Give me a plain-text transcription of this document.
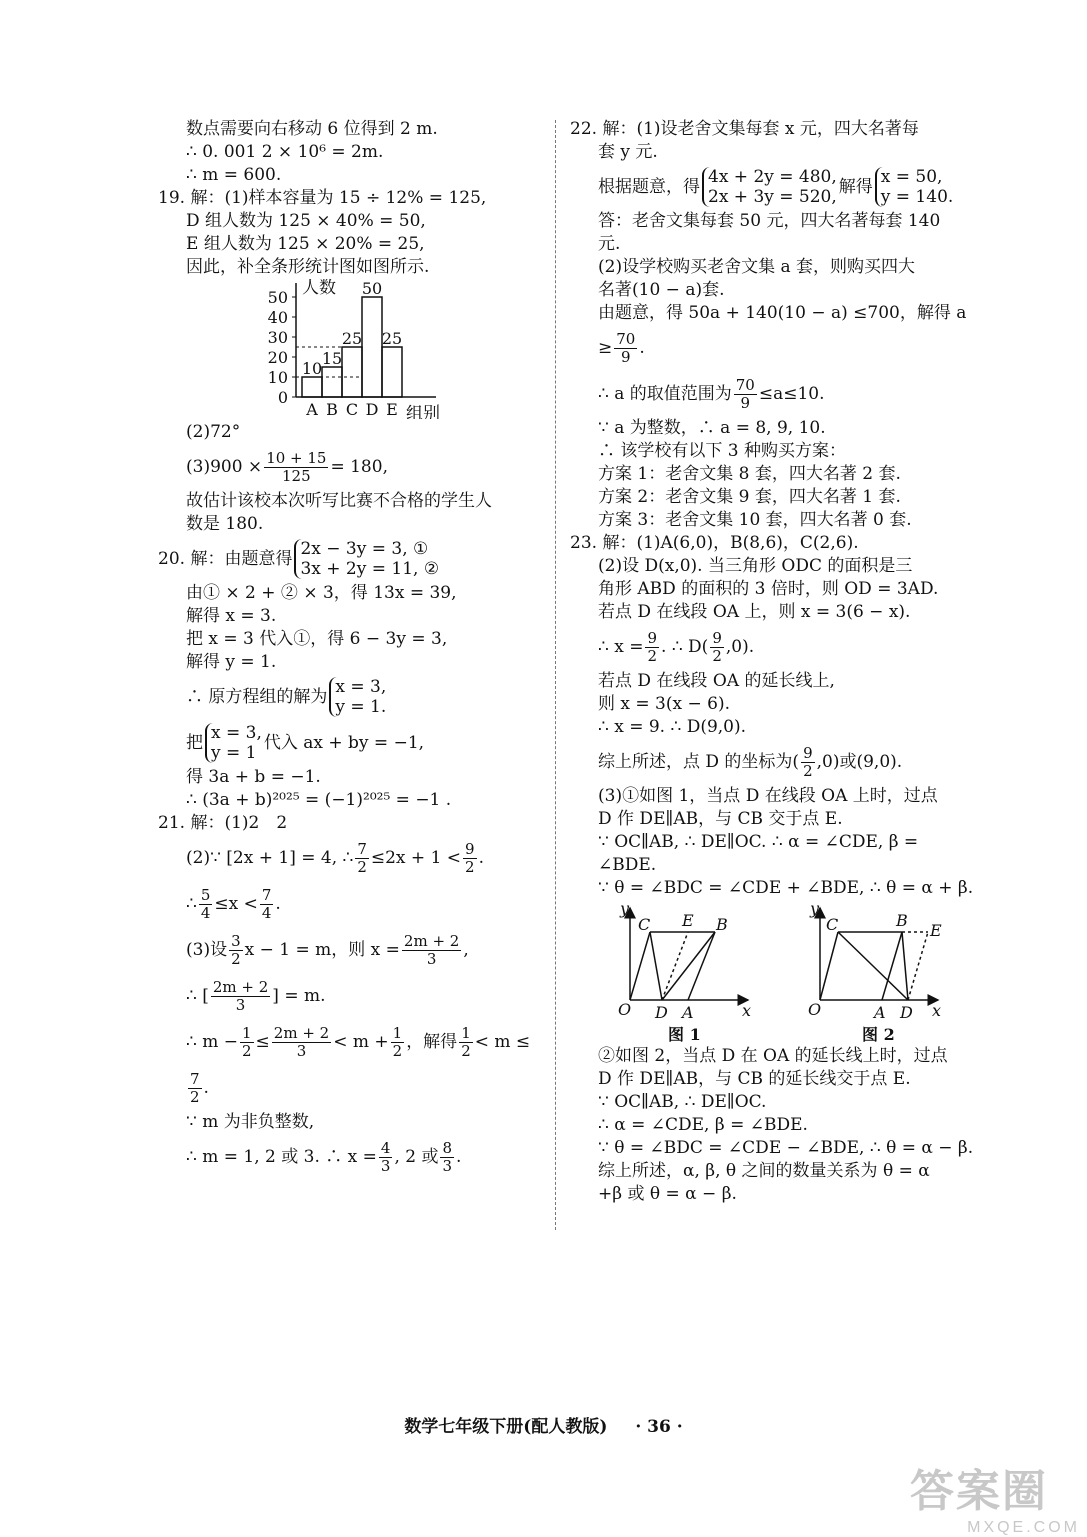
数点需要向右移动 6 位得到 2 m.
∴ 0. 001 2 × 10⁶ = 2m.
∴ m = 600.
19. 解：(1)样本容量为 15 ÷ 12% = 125,
D 组人数为 125 × 40% = 50,
E 组人数为 125 × 20% = 25,
因此，补全条形统计图如图所示.
人数
0
10
20
30
40
50
10
A
15
B
25
C
50
D
25
E 组别
(2)72°
$(3)900 \times \frac{10 + 15}{125} = 180$,
故估计该校本次听写比赛不合格的学生人
数是 180.
20. 解：由题意得 2x − 3y = 3, ①
3x + 2y = 11, ②
由① × 2 + ② × 3，得 13x = 39,
解得 x = 3.
把 x = 3 代入①，得 6 − 3y = 3,
解得 y = 1.
∴ 原方程组的解为 x = 3,
y = 1.
把 x = 3,
y = 1
代入 ax + by = −1,
得 3a + b = −1.
∴ (3a + b)²⁰²⁵ = (−1)²⁰²⁵ = −1 .
21. 解：(1)2　2
(2)∵ [2x + 1] = 4, ∴ $\frac{7}{2} \le 2x + 1 < \frac{9}{2}$ .
∴ $\frac{5}{4} \le x < \frac{7}{4}$ .
(3)设 $\frac{3}{2}$ x − 1 = m，则 $x = \frac{2m + 2}{3}$ ,
∴ [ $\frac{2m + 2}{3}$ ] = m.
∴ $m - \frac{1}{2} \le \frac{2m + 2}{3} < m + \frac{1}{2}$ ，解得 $\frac{1}{2} < m$ ≤
$\frac{7}{2}$ .
∵ m 为非负整数,
∴ m = 1, 2 或 3. ∴ $x = \frac{4}{3}$ , 2 或 $\frac{8}{3}$ .
22. 解：(1)设老舍文集每套 x 元，四大名著每
套 y 元.
根据题意，得 4x + 2y = 480,
2x + 3y = 520,
解得 x = 50,
y = 140.
答：老舍文集每套 50 元，四大名著每套 140
元.
(2)设学校购买老舍文集 a 套，则购买四大
名著(10 − a)套.
由题意，得 50a + 140(10 − a) ≤700，解得 a
≥ $\frac{70}{9}$ .
∴ a 的取值范围为 $\frac{70}{9} \le a\le 10$.
∵ a 为整数，∴ a = 8, 9, 10.
∴ 该学校有以下 3 种购买方案：
方案 1：老舍文集 8 套，四大名著 2 套.
方案 2：老舍文集 9 套，四大名著 1 套.
方案 3：老舍文集 10 套，四大名著 0 套.
23. 解：(1)A(6,0)，B(8,6)，C(2,6).
(2)设 D(x,0). 当三角形 ODC 的面积是三
角形 ABD 的面积的 3 倍时，则 OD = 3AD.
若点 D 在线段 OA 上，则 x = 3(6 − x).
∴ $x = \frac{9}{2}$ . ∴ $D( \frac{9}{2} ,0)$.
若点 D 在线段 OA 的延长线上,
则 x = 3(x − 6).
∴ x = 9. ∴ D(9,0).
综上所述，点 D 的坐标为( $\frac{9}{2} ,0$)或(9,0).
(3)①如图 1，当点 D 在线段 OA 上时，过点
D 作 DE∥AB，与 CB 交于点 E.
∵ OC∥AB, ∴ DE∥OC. ∴ α = ∠CDE, β =
∠BDE.
∵ θ = ∠BDC = ∠CDE + ∠BDE, ∴ θ = α + β.
y
O
C E B
D A	x
图 1
y
O
C	B
E
A D x
图 2
②如图 2，当点 D 在 OA 的延长线上时，过点
D 作 DE∥AB，与 CB 的延长线交于点 E.
∵ OC∥AB, ∴ DE∥OC.
∴ α = ∠CDE, β = ∠BDE.
∵ θ = ∠BDC = ∠CDE − ∠BDE, ∴ θ = α − β.
综上所述，α, β, θ 之间的数量关系为 θ = α
+β 或 θ = α − β.
数学七年级下册(配人教版) · 36 ·
答案圈
MXQE.COM
